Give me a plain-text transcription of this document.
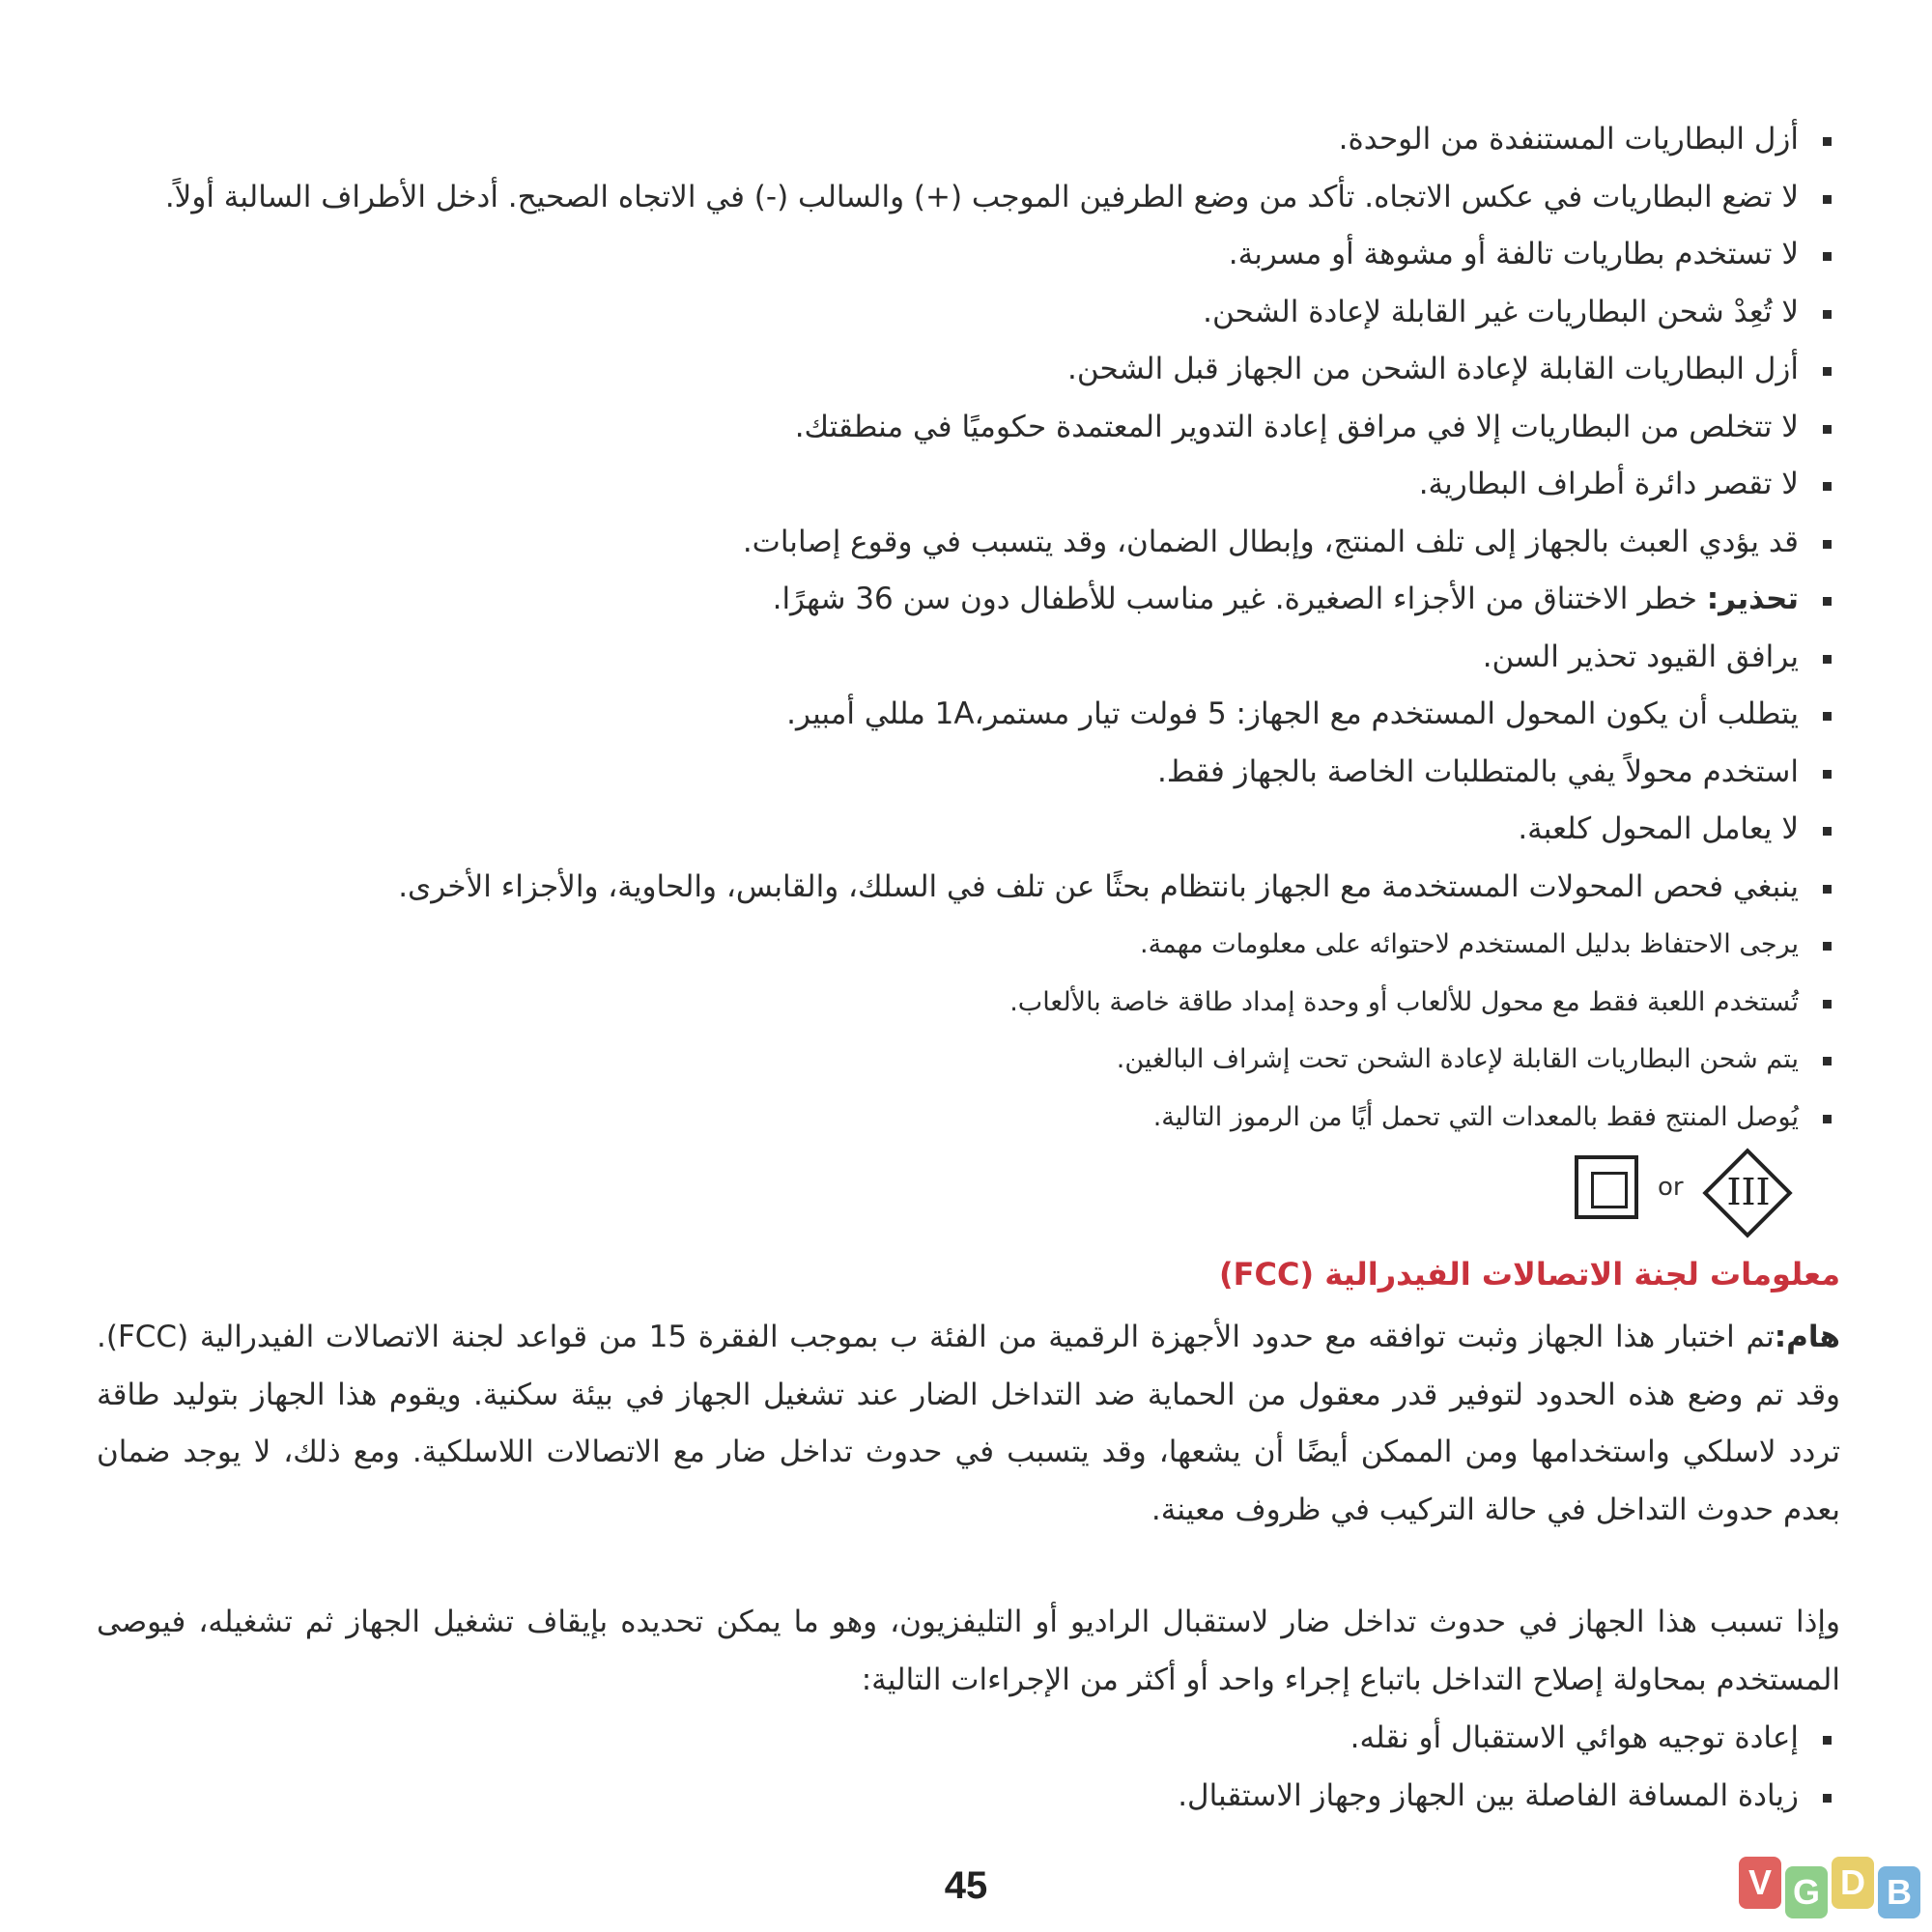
أزل البطاريات المستنفدة من الوحدة.
لا تضع البطاريات في عكس الاتجاه. تأكد من وضع الطرفين الموجب (+) والسالب (-) في الاتجاه الصحيح. أدخل الأطراف السالبة أولاً.
لا تستخدم بطاريات تالفة أو مشوهة أو مسربة.
لا تُعِدْ شحن البطاريات غير القابلة لإعادة الشحن.
أزل البطاريات القابلة لإعادة الشحن من الجهاز قبل الشحن.
لا تتخلص من البطاريات إلا في مرافق إعادة التدوير المعتمدة حكوميًا في منطقتك.
لا تقصر دائرة أطراف البطارية.
قد يؤدي العبث بالجهاز إلى تلف المنتج، وإبطال الضمان، وقد يتسبب في وقوع إصابات.
تحذير: خطر الاختناق من الأجزاء الصغيرة. غير مناسب للأطفال دون سن 36 شهرًا.
يرافق القيود تحذير السن.
يتطلب أن يكون المحول المستخدم مع الجهاز: 5 فولت تيار مستمر،1A مللي أمبير.
استخدم محولاً يفي بالمتطلبات الخاصة بالجهاز فقط.
لا يعامل المحول كلعبة.
ينبغي فحص المحولات المستخدمة مع الجهاز بانتظام بحثًا عن تلف في السلك، والقابس، والحاوية، والأجزاء الأخرى.
يرجى الاحتفاظ بدليل المستخدم لاحتوائه على معلومات مهمة.
تُستخدم اللعبة فقط مع محول للألعاب أو وحدة إمداد طاقة خاصة بالألعاب.
يتم شحن البطاريات القابلة لإعادة الشحن تحت إشراف البالغين.
يُوصل المنتج فقط بالمعدات التي تحمل أيًا من الرموز التالية.
or	III
معلومات لجنة الاتصالات الفيدرالية (FCC)

هام:تم اختبار هذا الجهاز وثبت توافقه مع حدود الأجهزة الرقمية من الفئة ب بموجب الفقرة 15 من قواعد لجنة الاتصالات الفيدرالية (FCC). وقد تم وضع هذه الحدود لتوفير قدر معقول من الحماية ضد التداخل الضار عند تشغيل الجهاز في بيئة سكنية. ويقوم هذا الجهاز بتوليد طاقة تردد لاسلكي واستخدامها ومن الممكن أيضًا أن يشعها، وقد يتسبب في حدوث تداخل ضار مع الاتصالات اللاسلكية. ومع ذلك، لا يوجد ضمان بعدم حدوث التداخل في حالة التركيب في ظروف معينة.

وإذا تسبب هذا الجهاز في حدوث تداخل ضار لاستقبال الراديو أو التليفزيون، وهو ما يمكن تحديده بإيقاف تشغيل الجهاز ثم تشغيله، فيوصى المستخدم بمحاولة إصلاح التداخل باتباع إجراء واحد أو أكثر من الإجراءات التالية:

إعادة توجيه هوائي الاستقبال أو نقله.
زيادة المسافة الفاصلة بين الجهاز وجهاز الاستقبال.
45	V G D B
